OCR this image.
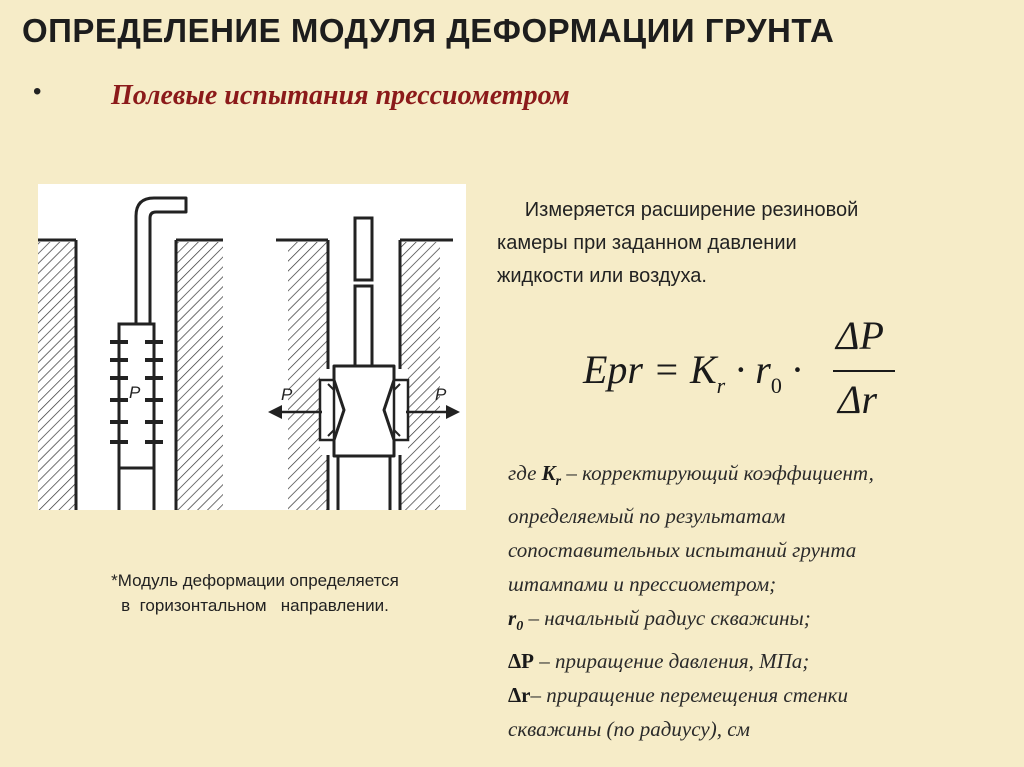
ОПРЕДЕЛЕНИЕ МОДУЛЯ ДЕФОРМАЦИИ ГРУНТА
• Полевые испытания прессиометром
P	P	P
*Модуль деформации определяется
в  горизонтальном   направлении.
Измеряется расширение резиновой
камеры при заданном давлении
жидкости или воздуха.
Epr = $K_r \cdot r_0$ ·
ΔP
Δr
где $K_r$ – корректирующий коэффициент,
определяемый по результатам
сопоставительных испытаний грунта
штампами и прессиометром;
$r_0$ – начальный радиус скважины;
ΔP – приращение давления, МПа;
Δr– приращение перемещения стенки
скважины (по радиусу), см
